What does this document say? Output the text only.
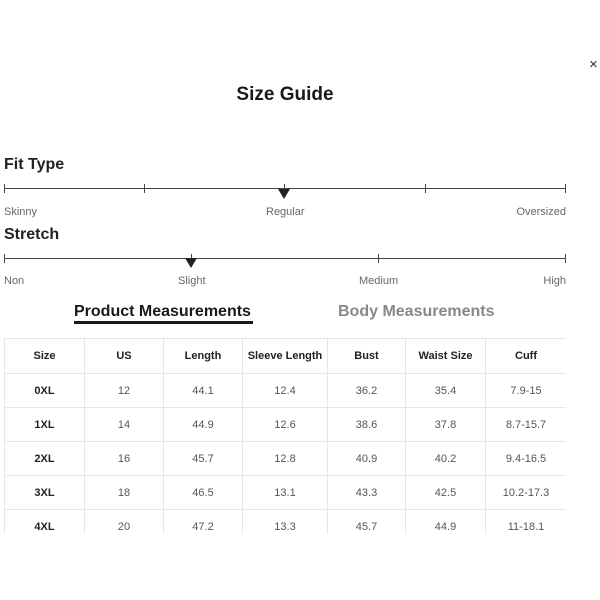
×
Size Guide
Fit Type
Skinny	Regular	Oversized
Stretch
Non	Slight	Medium	High
Product Measurements	Body Measurements
Size	US	Length	Sleeve Length	Bust	Waist Size	Cuff
0XL	12	44.1	12.4	36.2	35.4	7.9-15
1XL	14	44.9	12.6	38.6	37.8	8.7-15.7
2XL	16	45.7	12.8	40.9	40.2	9.4-16.5
3XL	18	46.5	13.1	43.3	42.5	10.2-17.3
4XL	20	47.2	13.3	45.7	44.9	11-18.1
